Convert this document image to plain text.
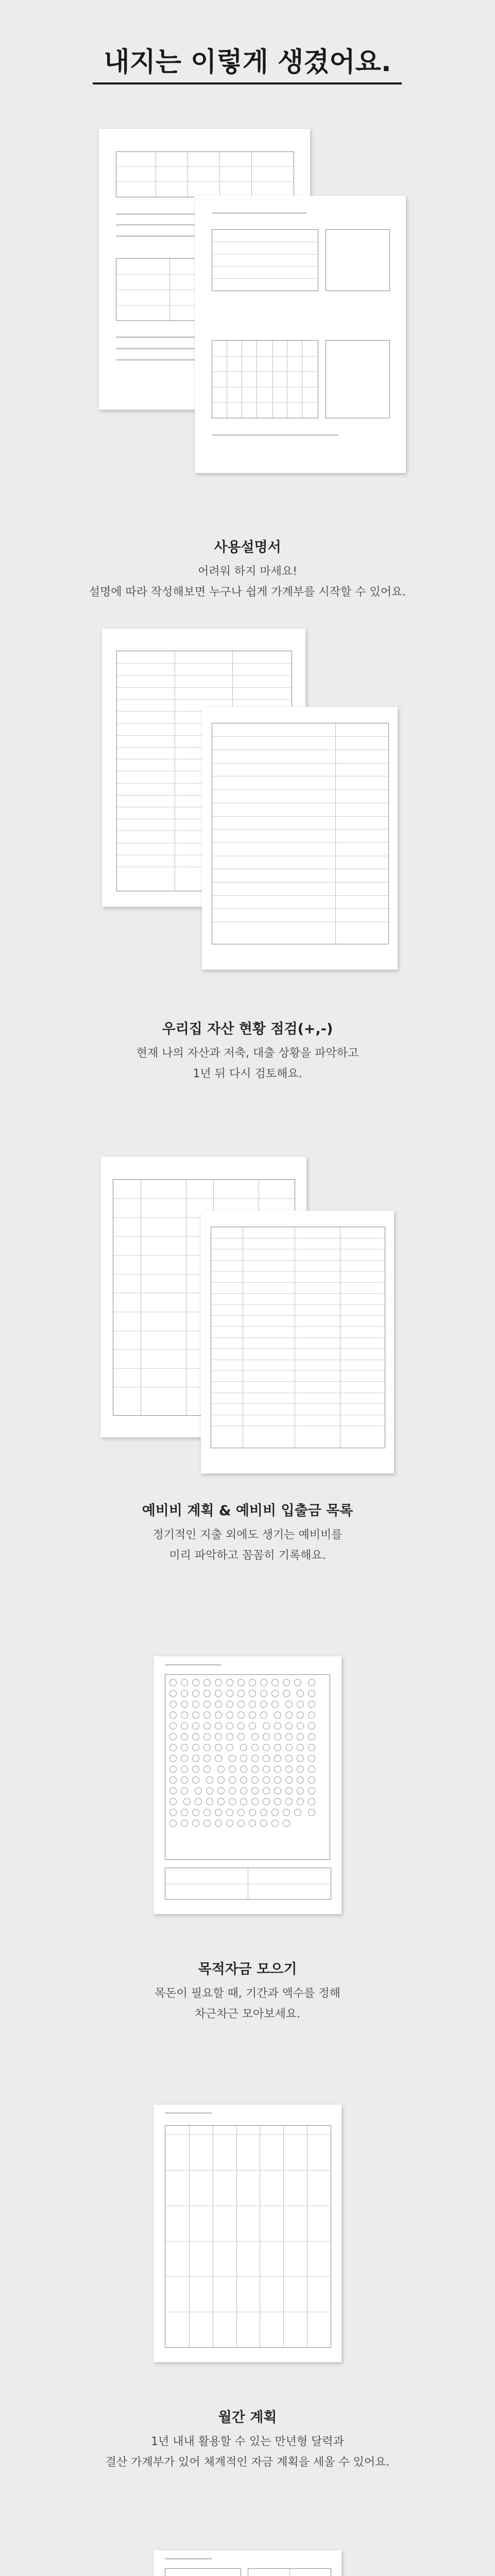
내지는 이렇게 생겼어요.
사용설명서

어려워 하지 마세요!
설명에 따라 작성해보면 누구나 쉽게 가계부를 시작할 수 있어요.

우리집 자산 현황 점검(+,-)

현재 나의 자산과 저축, 대출 상황을 파악하고
1년 뒤 다시 검토해요.

예비비 계획 & 예비비 입출금 목록

정기적인 지출 외에도 생기는 예비비를
미리 파악하고 꼼꼼히 기록해요.

목적자금 모으기

목돈이 필요할 때, 기간과 액수를 정해
차근차근 모아보세요.

월간 계획

1년 내내 활용할 수 있는 만년형 달력과
결산 가계부가 있어 체계적인 자금 계획을 세울 수 있어요.
